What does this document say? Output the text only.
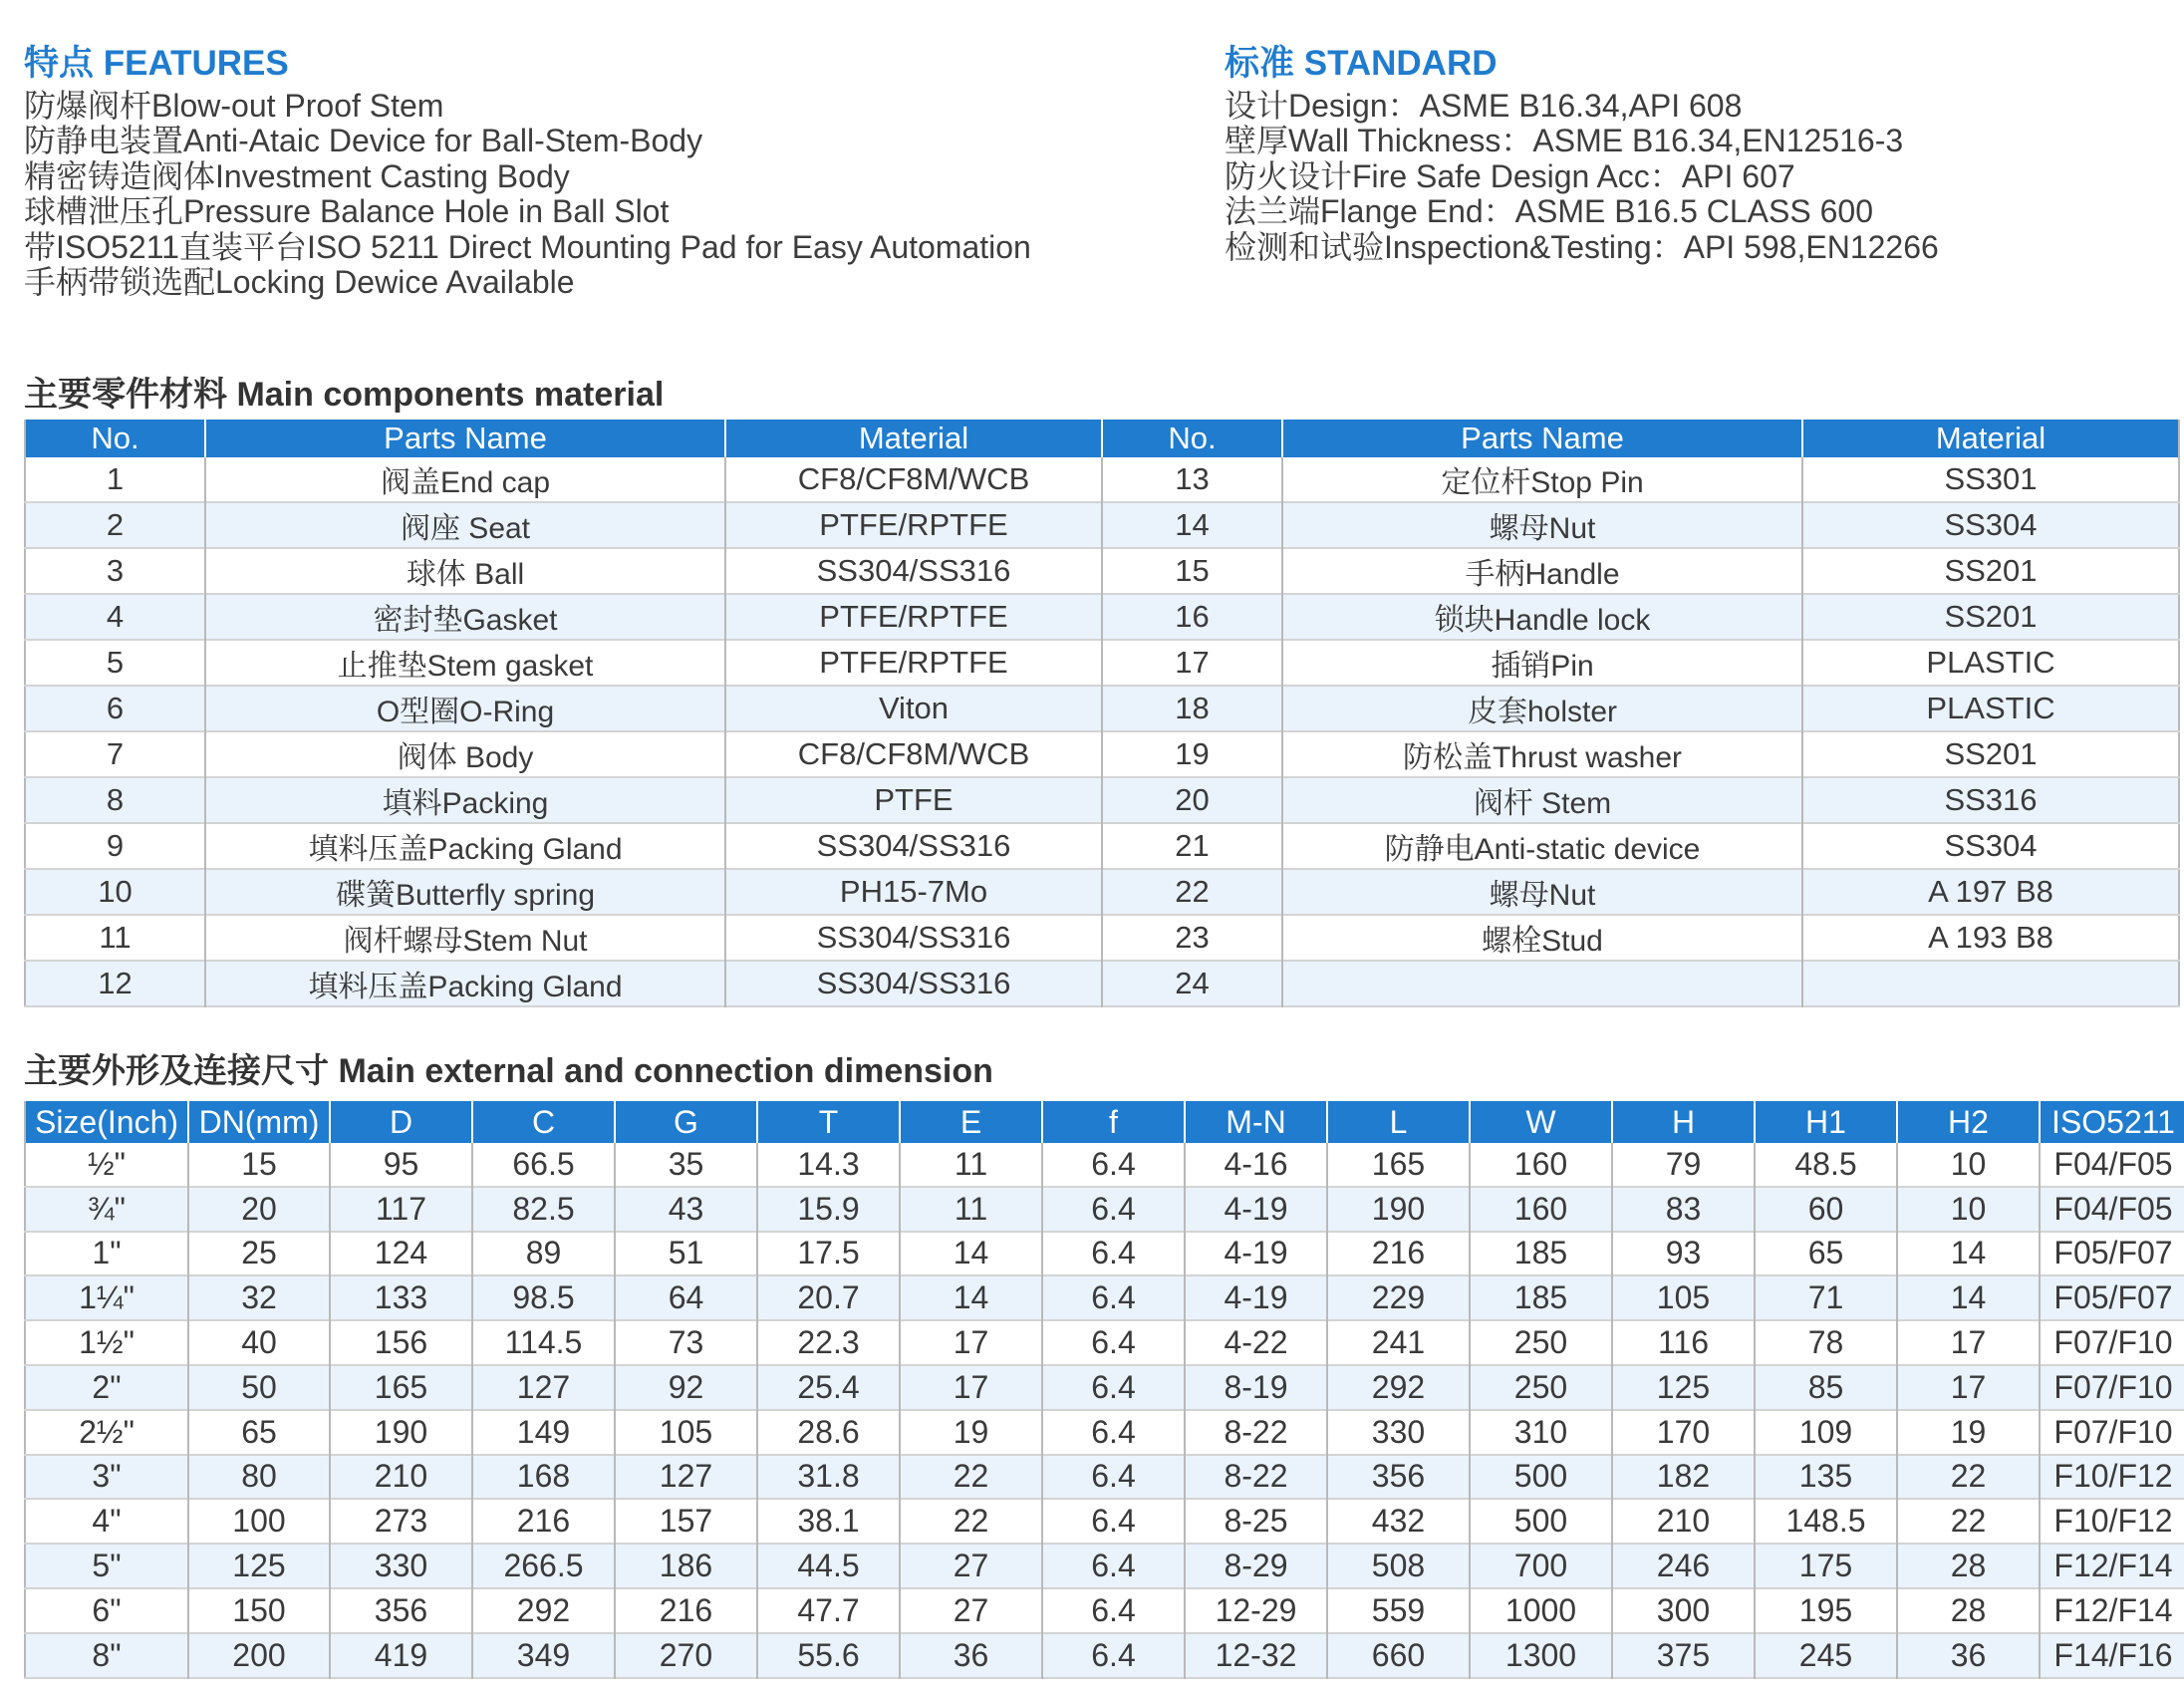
特点 FEATURES
防爆阀杆Blow-out Proof Stem
防静电装置Anti-Ataic Device for Ball-Stem-Body
精密铸造阀体Investment Casting Body
球槽泄压孔Pressure Balance Hole in Ball Slot
带ISO5211直装平台ISO 5211 Direct Mounting Pad for Easy Automation
手柄带锁选配Locking Dewice Available
标准 STANDARD
设计Design：ASME B16.34,API 608
壁厚Wall Thickness：ASME B16.34,EN12516-3
防火设计Fire Safe Design Acc：API 607
法兰端Flange End：ASME B16.5 CLASS 600
检测和试验Inspection&Testing：API 598,EN12266
主要零件材料 Main components material
No.	Parts Name	Material	No.	Parts Name	Material
1	阀盖End cap	CF8/CF8M/WCB	13	定位杆Stop Pin	SS301
2	阀座 Seat	PTFE/RPTFE	14	螺母Nut	SS304
3	球体 Ball	SS304/SS316	15	手柄Handle	SS201
4	密封垫Gasket	PTFE/RPTFE	16	锁块Handle lock	SS201
5	止推垫Stem gasket	PTFE/RPTFE	17	插销Pin	PLASTIC
6	O型圈O-Ring	Viton	18	皮套holster	PLASTIC
7	阀体 Body	CF8/CF8M/WCB	19	防松盖Thrust washer	SS201
8	填料Packing	PTFE	20	阀杆 Stem	SS316
9	填料压盖Packing Gland	SS304/SS316	21	防静电Anti-static device	SS304
10	碟簧Butterfly spring	PH15-7Mo	22	螺母Nut	A 197 B8
11	阀杆螺母Stem Nut	SS304/SS316	23	螺栓Stud	A 193 B8
12	填料压盖Packing Gland	SS304/SS316	24		
主要外形及连接尺寸 Main external and connection dimension
Size(Inch)	DN(mm)	D	C	G	T	E	f	M-N	L	W	H	H1	H2	ISO5211
½"	15	95	66.5	35	14.3	11	6.4	4-16	165	160	79	48.5	10	F04/F05
¾"	20	117	82.5	43	15.9	11	6.4	4-19	190	160	83	60	10	F04/F05
1"	25	124	89	51	17.5	14	6.4	4-19	216	185	93	65	14	F05/F07
1¼"	32	133	98.5	64	20.7	14	6.4	4-19	229	185	105	71	14	F05/F07
1½"	40	156	114.5	73	22.3	17	6.4	4-22	241	250	116	78	17	F07/F10
2"	50	165	127	92	25.4	17	6.4	8-19	292	250	125	85	17	F07/F10
2½"	65	190	149	105	28.6	19	6.4	8-22	330	310	170	109	19	F07/F10
3"	80	210	168	127	31.8	22	6.4	8-22	356	500	182	135	22	F10/F12
4"	100	273	216	157	38.1	22	6.4	8-25	432	500	210	148.5	22	F10/F12
5"	125	330	266.5	186	44.5	27	6.4	8-29	508	700	246	175	28	F12/F14
6"	150	356	292	216	47.7	27	6.4	12-29	559	1000	300	195	28	F12/F14
8"	200	419	349	270	55.6	36	6.4	12-32	660	1300	375	245	36	F14/F16
